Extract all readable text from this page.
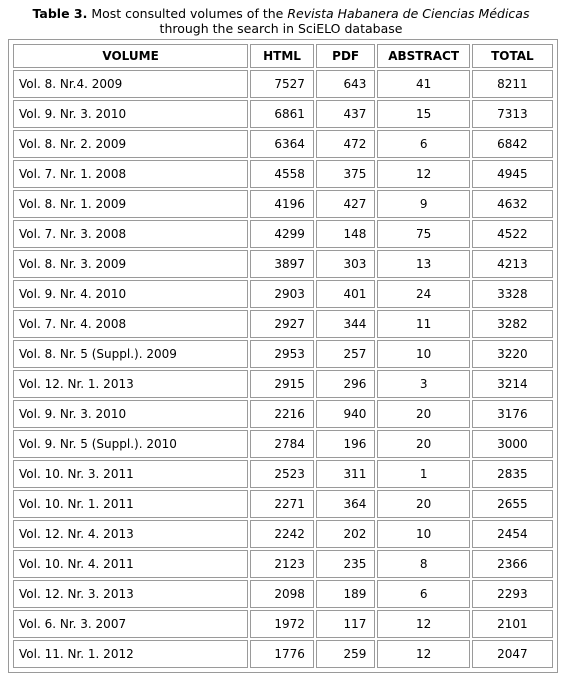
Table 3. Most consulted volumes of the Revista Habanera de Ciencias Médicas
through the search in SciELO database
VOLUME	HTML	PDF	ABSTRACT	TOTAL
Vol. 8. Nr.4. 2009	7527	643	41	8211
Vol. 9. Nr. 3. 2010	6861	437	15	7313
Vol. 8. Nr. 2. 2009	6364	472	6	6842
Vol. 7. Nr. 1. 2008	4558	375	12	4945
Vol. 8. Nr. 1. 2009	4196	427	9	4632
Vol. 7. Nr. 3. 2008	4299	148	75	4522
Vol. 8. Nr. 3. 2009	3897	303	13	4213
Vol. 9. Nr. 4. 2010	2903	401	24	3328
Vol. 7. Nr. 4. 2008	2927	344	11	3282
Vol. 8. Nr. 5 (Suppl.). 2009	2953	257	10	3220
Vol. 12. Nr. 1. 2013	2915	296	3	3214
Vol. 9. Nr. 3. 2010	2216	940	20	3176
Vol. 9. Nr. 5 (Suppl.). 2010	2784	196	20	3000
Vol. 10. Nr. 3. 2011	2523	311	1	2835
Vol. 10. Nr. 1. 2011	2271	364	20	2655
Vol. 12. Nr. 4. 2013	2242	202	10	2454
Vol. 10. Nr. 4. 2011	2123	235	8	2366
Vol. 12. Nr. 3. 2013	2098	189	6	2293
Vol. 6. Nr. 3. 2007	1972	117	12	2101
Vol. 11. Nr. 1. 2012	1776	259	12	2047
